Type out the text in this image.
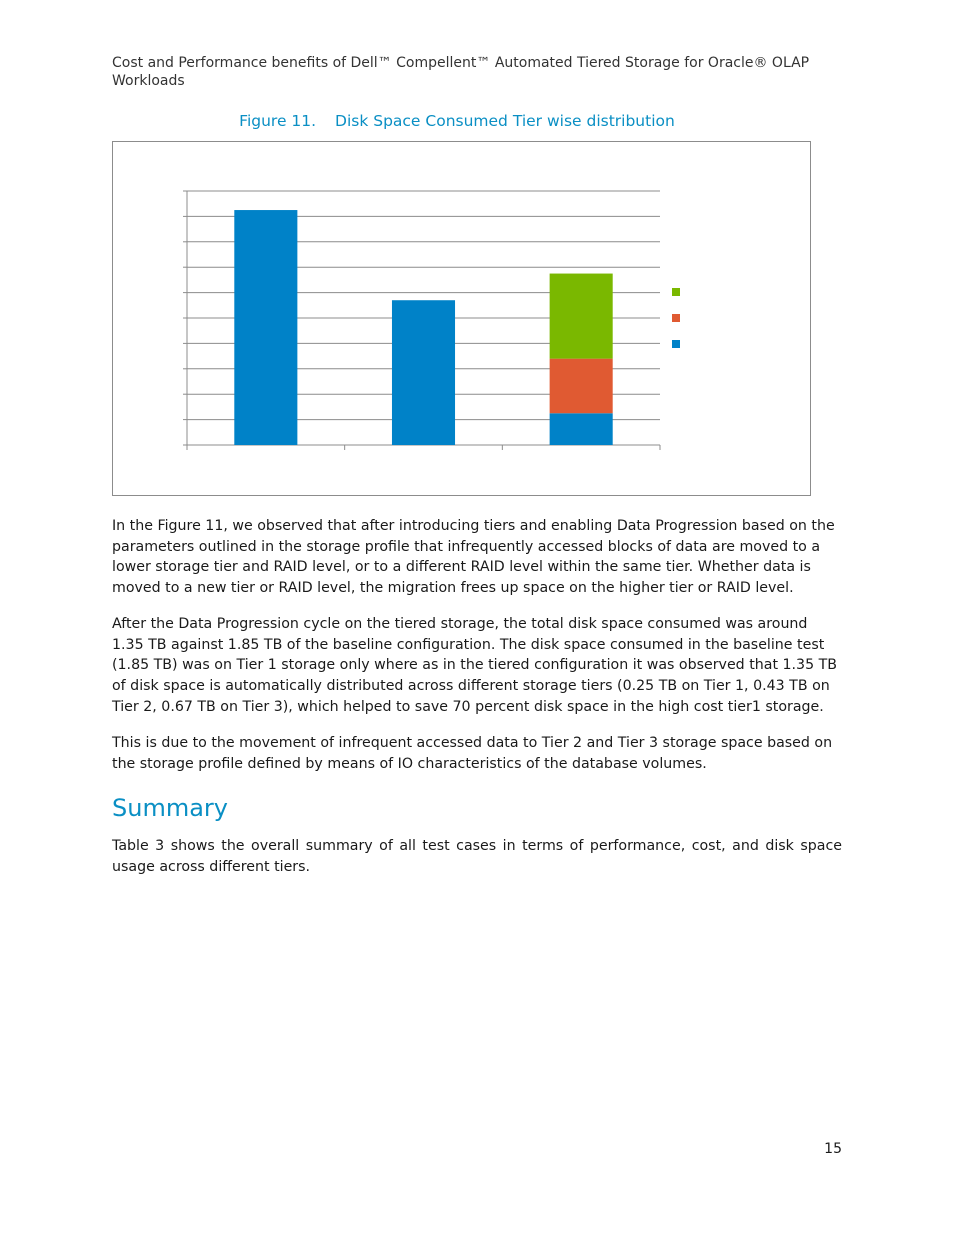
Cost and Performance benefits of Dell™ Compellent™ Automated Tiered Storage for Oracle® OLAP Workloads
Figure 11. Disk Space Consumed Tier wise distribution

In the Figure 11, we observed that after introducing tiers and enabling Data Progression based on the parameters outlined in the storage profile that infrequently accessed blocks of data are moved to a lower storage tier and RAID level, or to a different RAID level within the same tier. Whether data is moved to a new tier or RAID level, the migration frees up space on the higher tier or RAID level.

After the Data Progression cycle on the tiered storage, the total disk space consumed was around 1.35 TB against 1.85 TB of the baseline configuration. The disk space consumed in the baseline test (1.85 TB) was on Tier 1 storage only where as in the tiered configuration it was observed that 1.35 TB of disk space is automatically distributed across different storage tiers (0.25 TB on Tier 1, 0.43 TB on Tier 2, 0.67 TB on Tier 3), which helped to save 70 percent disk space in the high cost tier1 storage.

This is due to the movement of infrequent accessed data to Tier 2 and Tier 3 storage space based on the storage profile defined by means of IO characteristics of the database volumes.

Summary

Table 3 shows the overall summary of all test cases in terms of performance, cost, and disk space usage across different tiers.

15
